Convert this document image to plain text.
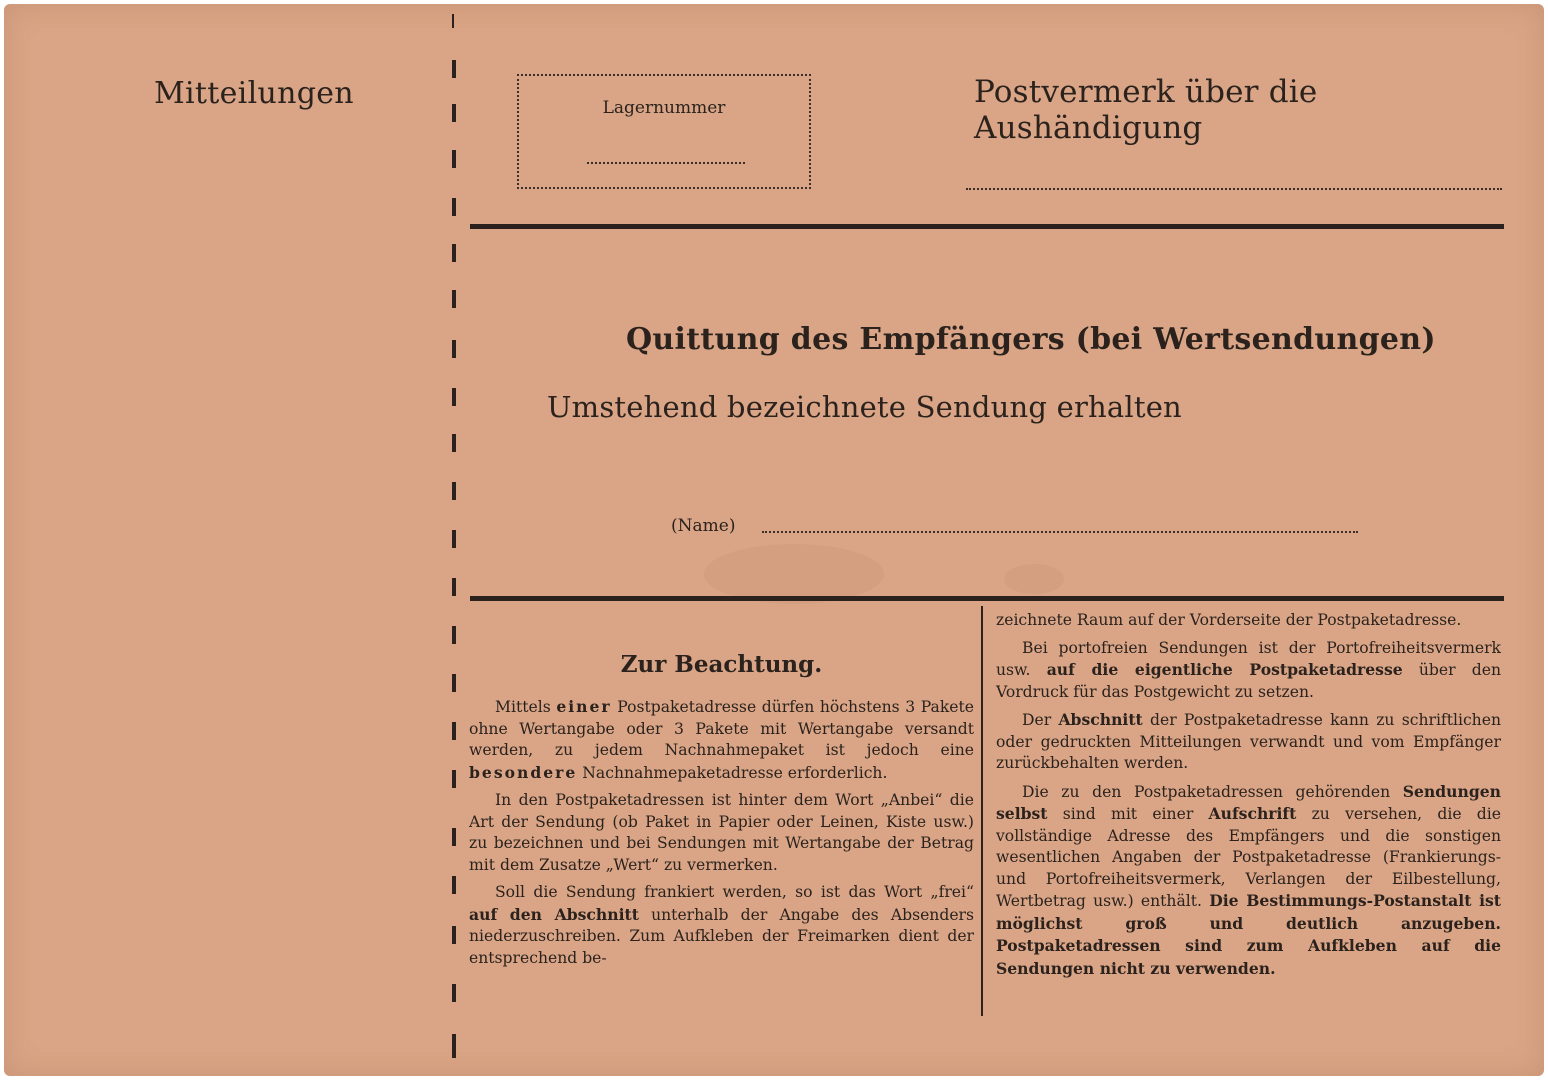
Mitteilungen	Lagernummer	Postvermerk über die Aushändigung
Quittung des Empfängers (bei Wertsendungen)
Umstehend bezeichnete Sendung erhalten
(Name)
Zur Beachtung.

Mittels einer Postpaketadresse dürfen höchstens 3 Pakete ohne Wertangabe oder 3 Pakete mit Wertangabe versandt werden, zu jedem Nachnahmepaket ist jedoch eine besondere Nachnahmepaketadresse erforderlich.

In den Postpaketadressen ist hinter dem Wort „Anbei“ die Art der Sendung (ob Paket in Papier oder Leinen, Kiste usw.) zu bezeichnen und bei Sendungen mit Wertangabe der Betrag mit dem Zusatze „Wert“ zu vermerken.

Soll die Sendung frankiert werden, so ist das Wort „frei“ auf den Abschnitt unterhalb der Angabe des Absenders niederzuschreiben. Zum Aufkleben der Freimarken dient der entsprechend be-

zeichnete Raum auf der Vorderseite der Postpaketadresse.

Bei portofreien Sendungen ist der Portofreiheitsvermerk usw. auf die eigentliche Postpaketadresse über den Vordruck für das Postgewicht zu setzen.

Der Abschnitt der Postpaketadresse kann zu schriftlichen oder gedruckten Mitteilungen verwandt und vom Empfänger zurückbehalten werden.

Die zu den Postpaketadressen gehörenden Sendungen selbst sind mit einer Aufschrift zu versehen, die die vollständige Adresse des Empfängers und die sonstigen wesentlichen Angaben der Postpaketadresse (Frankierungs- und Portofreiheitsvermerk, Verlangen der Eilbestellung, Wertbetrag usw.) enthält. Die Bestimmungs-Postanstalt ist möglichst groß und deutlich anzugeben. Postpaketadressen sind zum Aufkleben auf die Sendungen nicht zu verwenden.
